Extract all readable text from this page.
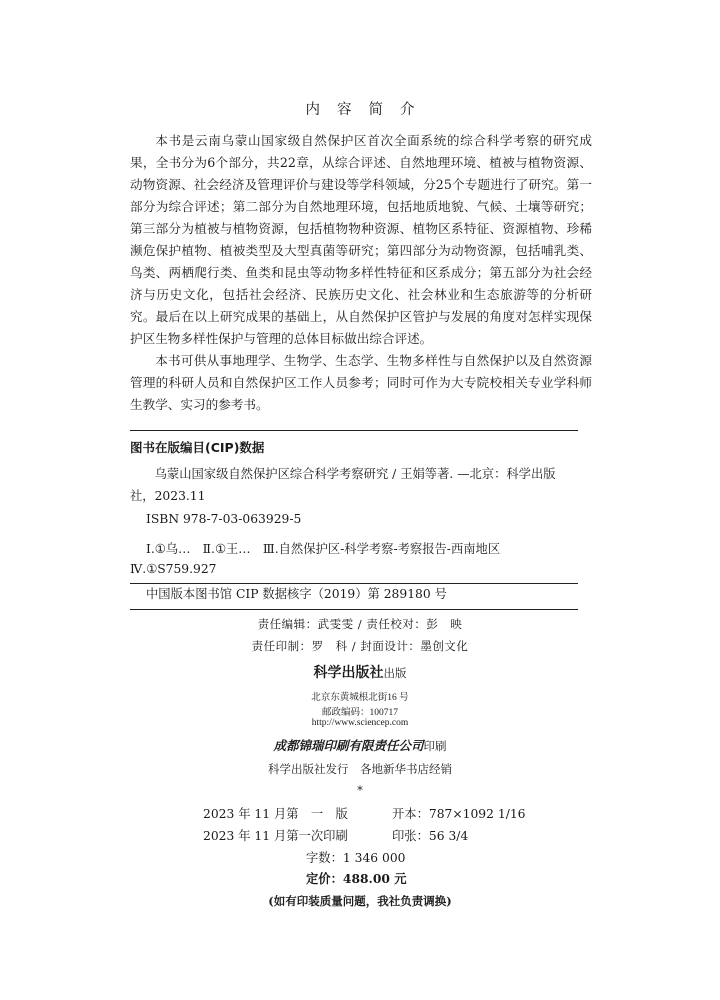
内容简介

本书是云南乌蒙山国家级自然保护区首次全面系统的综合科学考察的研究成果，全书分为6个部分，共22章，从综合评述、自然地理环境、植被与植物资源、动物资源、社会经济及管理评价与建设等学科领域，分25个专题进行了研究。第一部分为综合评述；第二部分为自然地理环境，包括地质地貌、气候、土壤等研究；第三部分为植被与植物资源，包括植物物种资源、植物区系特征、资源植物、珍稀濒危保护植物、植被类型及大型真菌等研究；第四部分为动物资源，包括哺乳类、鸟类、两栖爬行类、鱼类和昆虫等动物多样性特征和区系成分；第五部分为社会经济与历史文化，包括社会经济、民族历史文化、社会林业和生态旅游等的分析研究。最后在以上研究成果的基础上，从自然保护区管护与发展的角度对怎样实现保护区生物多样性保护与管理的总体目标做出综合评述。

本书可供从事地理学、生物学、生态学、生物多样性与自然保护以及自然资源管理的科研人员和自然保护区工作人员参考；同时可作为大专院校相关专业学科师生教学、实习的参考书。

图书在版编目(CIP)数据
乌蒙山国家级自然保护区综合科学考察研究 / 王娟等著. —北京：科学出版社，2023.11
ISBN 978-7-03-063929-5
Ⅰ.①乌…　Ⅱ.①王…　Ⅲ.自然保护区-科学考察-考察报告-西南地区
Ⅳ.①S759.927
中国版本图书馆 CIP 数据核字（2019）第 289180 号
责任编辑：武雯雯 / 责任校对：彭　映
责任印制：罗　科 / 封面设计：墨创文化
科学出版社出版
北京东黄城根北街16 号
邮政编码：100717
http://www.sciencep.com
成都锦瑞印刷有限责任公司印刷
科学出版社发行　各地新华书店经销
*
2023 年 11 月第　一　版	开本：787×1092 1/16
2023 年 11 月第一次印刷	印张：56 3/4
字数：1 346 000
定价：488.00 元
(如有印装质量问题，我社负责调换)
